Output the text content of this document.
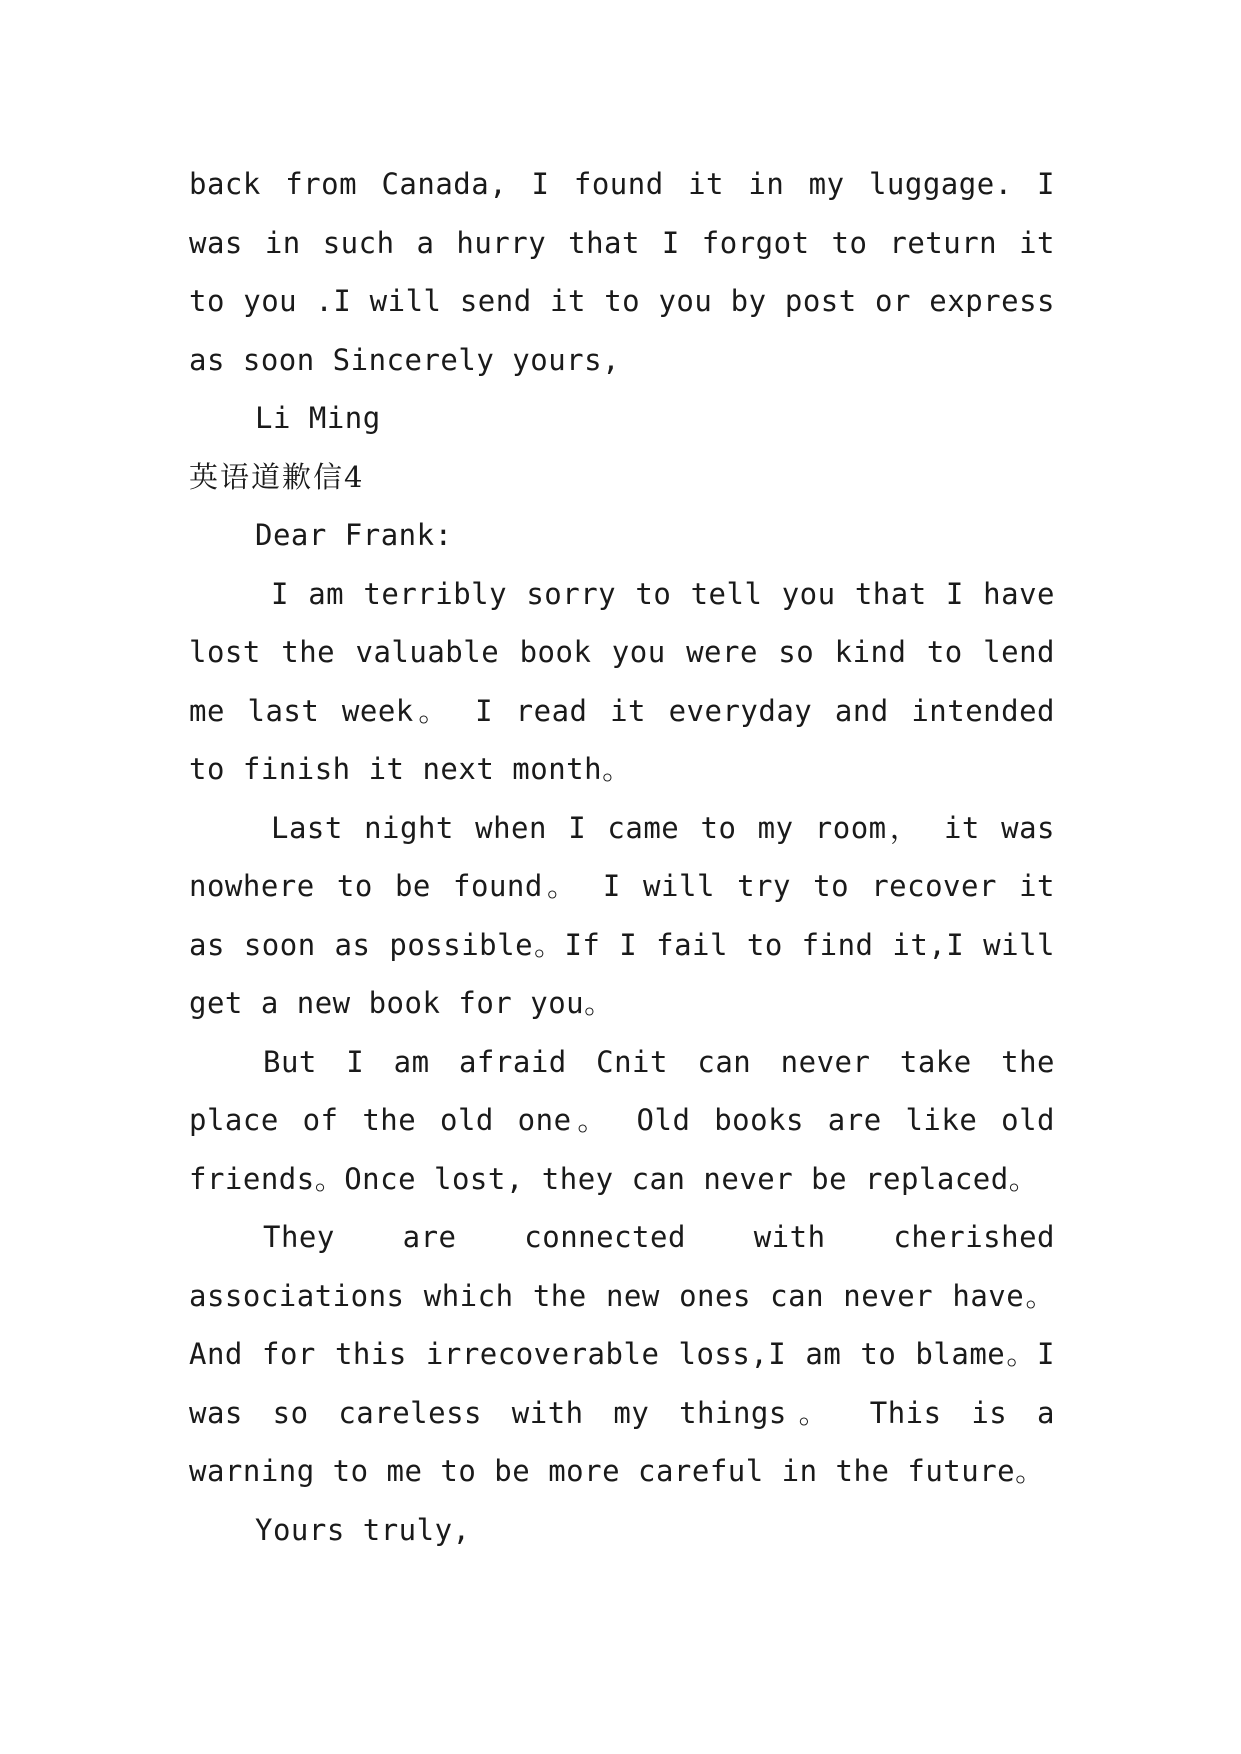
back from Canada, I found it in my luggage. I was in such a hurry that I forgot to return it to you .I will send it to you by post or express as soon Sincerely yours,

Li Ming

英语道歉信4

Dear Frank:

I am terribly sorry to tell you that I have lost the valuable book you were so kind to lend me last week。 I read it everyday and intended to finish it next month。

Last night when I came to my room， it was nowhere to be found。 I will try to recover it as soon as possible。If I fail to find it,I will get a new book for you。

But I am afraid Cnit can never take the place of the old one。 Old books are like old friends。Once lost, they can never be replaced。

They are connected with cherished associations which the new ones can never have。 And for this irrecoverable loss,I am to blame。I was so careless with my things。 This is a warning to me to be more careful in the future。

Yours truly,
